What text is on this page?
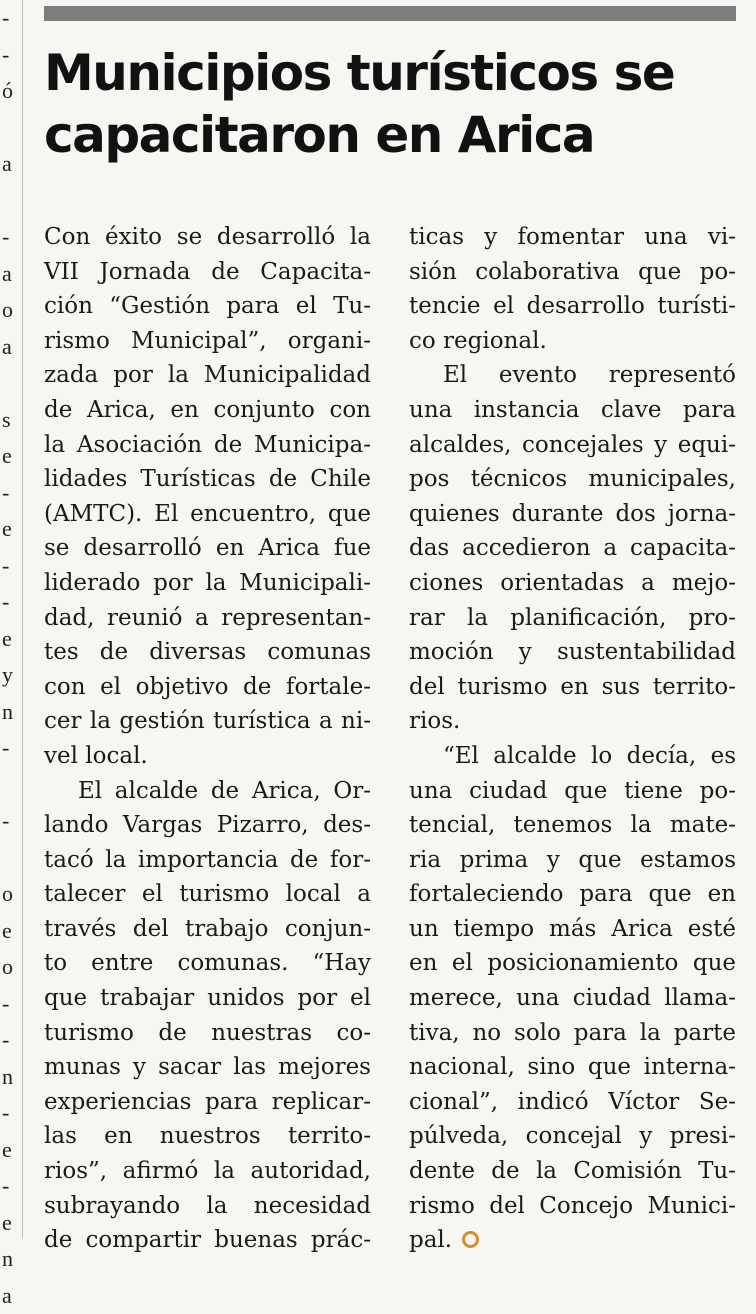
-
-
ó
a
-
a
o
a
s
e
-
e
-
-
e
y
n
-
-
o
e
o
-
-
n
-
e
-
e
n
a
Municipios turísticos se
capacitaron en Arica
Con éxito se desarrolló la
VII Jornada de Capacita-
ción “Gestión para el Tu-
rismo Municipal”, organi-
zada por la Municipalidad
de Arica, en conjunto con
la Asociación de Municipa-
lidades Turísticas de Chile
(AMTC). El encuentro, que
se desarrolló en Arica fue
liderado por la Municipali-
dad, reunió a representan-
tes de diversas comunas
con el objetivo de fortale-
cer la gestión turística a ni-
vel local.
El alcalde de Arica, Or-
lando Vargas Pizarro, des-
tacó la importancia de for-
talecer el turismo local a
través del trabajo conjun-
to entre comunas. “Hay
que trabajar unidos por el
turismo de nuestras co-
munas y sacar las mejores
experiencias para replicar-
las en nuestros territo-
rios”, afirmó la autoridad,
subrayando la necesidad
de compartir buenas prác-
ticas y fomentar una vi-
sión colaborativa que po-
tencie el desarrollo turísti-
co regional.
El evento representó
una instancia clave para
alcaldes, concejales y equi-
pos técnicos municipales,
quienes durante dos jorna-
das accedieron a capacita-
ciones orientadas a mejo-
rar la planificación, pro-
moción y sustentabilidad
del turismo en sus territo-
rios.
“El alcalde lo decía, es
una ciudad que tiene po-
tencial, tenemos la mate-
ria prima y que estamos
fortaleciendo para que en
un tiempo más Arica esté
en el posicionamiento que
merece, una ciudad llama-
tiva, no solo para la parte
nacional, sino que interna-
cional”, indicó Víctor Se-
púlveda, concejal y presi-
dente de la Comisión Tu-
rismo del Concejo Munici-
pal.
